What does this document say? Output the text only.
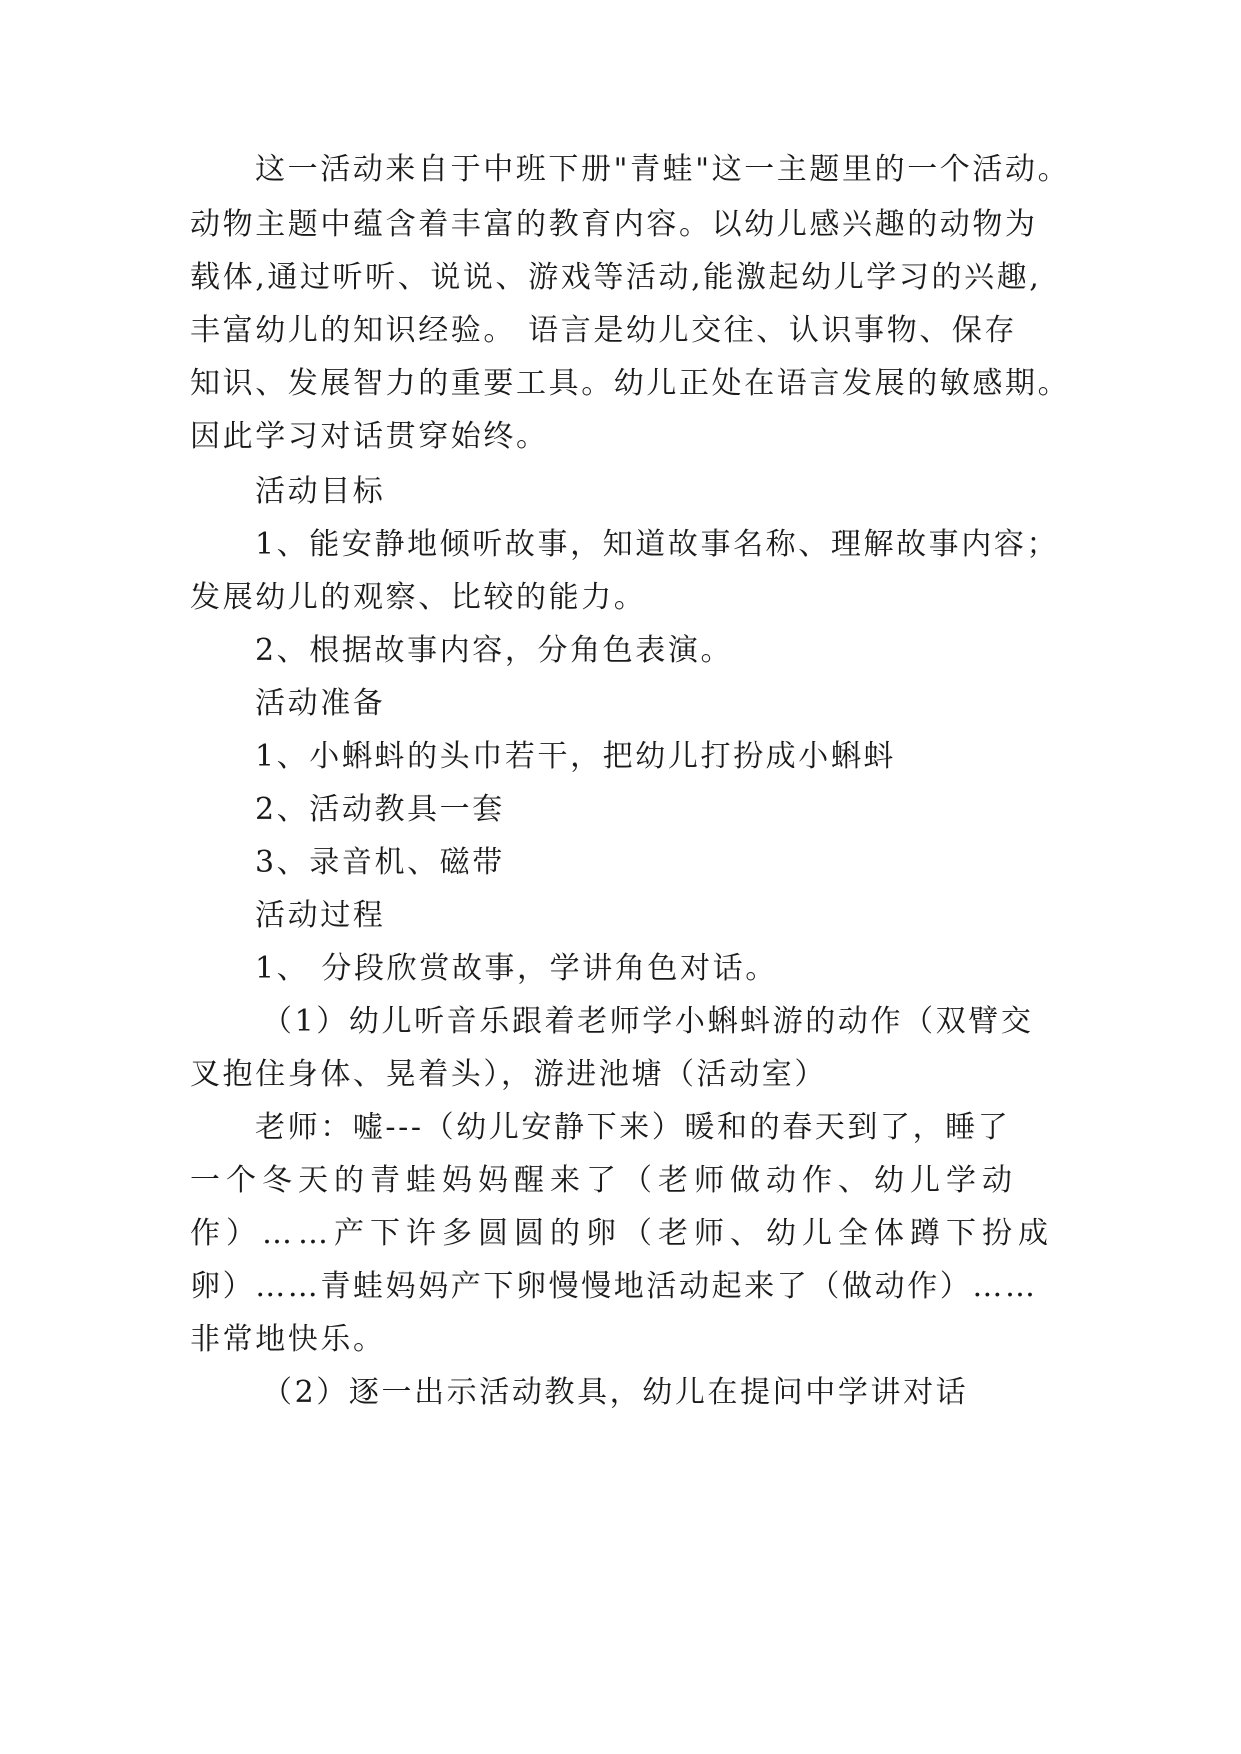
这一活动来自于中班下册"青蛙"这一主题里的一个活动。
动物主题中蕴含着丰富的教育内容。以幼儿感兴趣的动物为
载体,通过听听、说说、游戏等活动,能激起幼儿学习的兴趣,
丰富幼儿的知识经验。 语言是幼儿交往、认识事物、保存
知识、发展智力的重要工具。幼儿正处在语言发展的敏感期。
因此学习对话贯穿始终。
活动目标
1、能安静地倾听故事，知道故事名称、理解故事内容；
发展幼儿的观察、比较的能力。
2、根据故事内容，分角色表演。
活动准备
1、小蝌蚪的头巾若干，把幼儿打扮成小蝌蚪
2、活动教具一套
3、录音机、磁带
活动过程
1、 分段欣赏故事，学讲角色对话。
（1）幼儿听音乐跟着老师学小蝌蚪游的动作（双臂交
叉抱住身体、晃着头），游进池塘（活动室）
老师：嘘---（幼儿安静下来）暖和的春天到了，睡了
一个冬天的青蛙妈妈醒来了（老师做动作、幼儿学动
作）……产下许多圆圆的卵（老师、幼儿全体蹲下扮成
卵）……青蛙妈妈产下卵慢慢地活动起来了（做动作）……
非常地快乐。
（2）逐一出示活动教具，幼儿在提问中学讲对话
